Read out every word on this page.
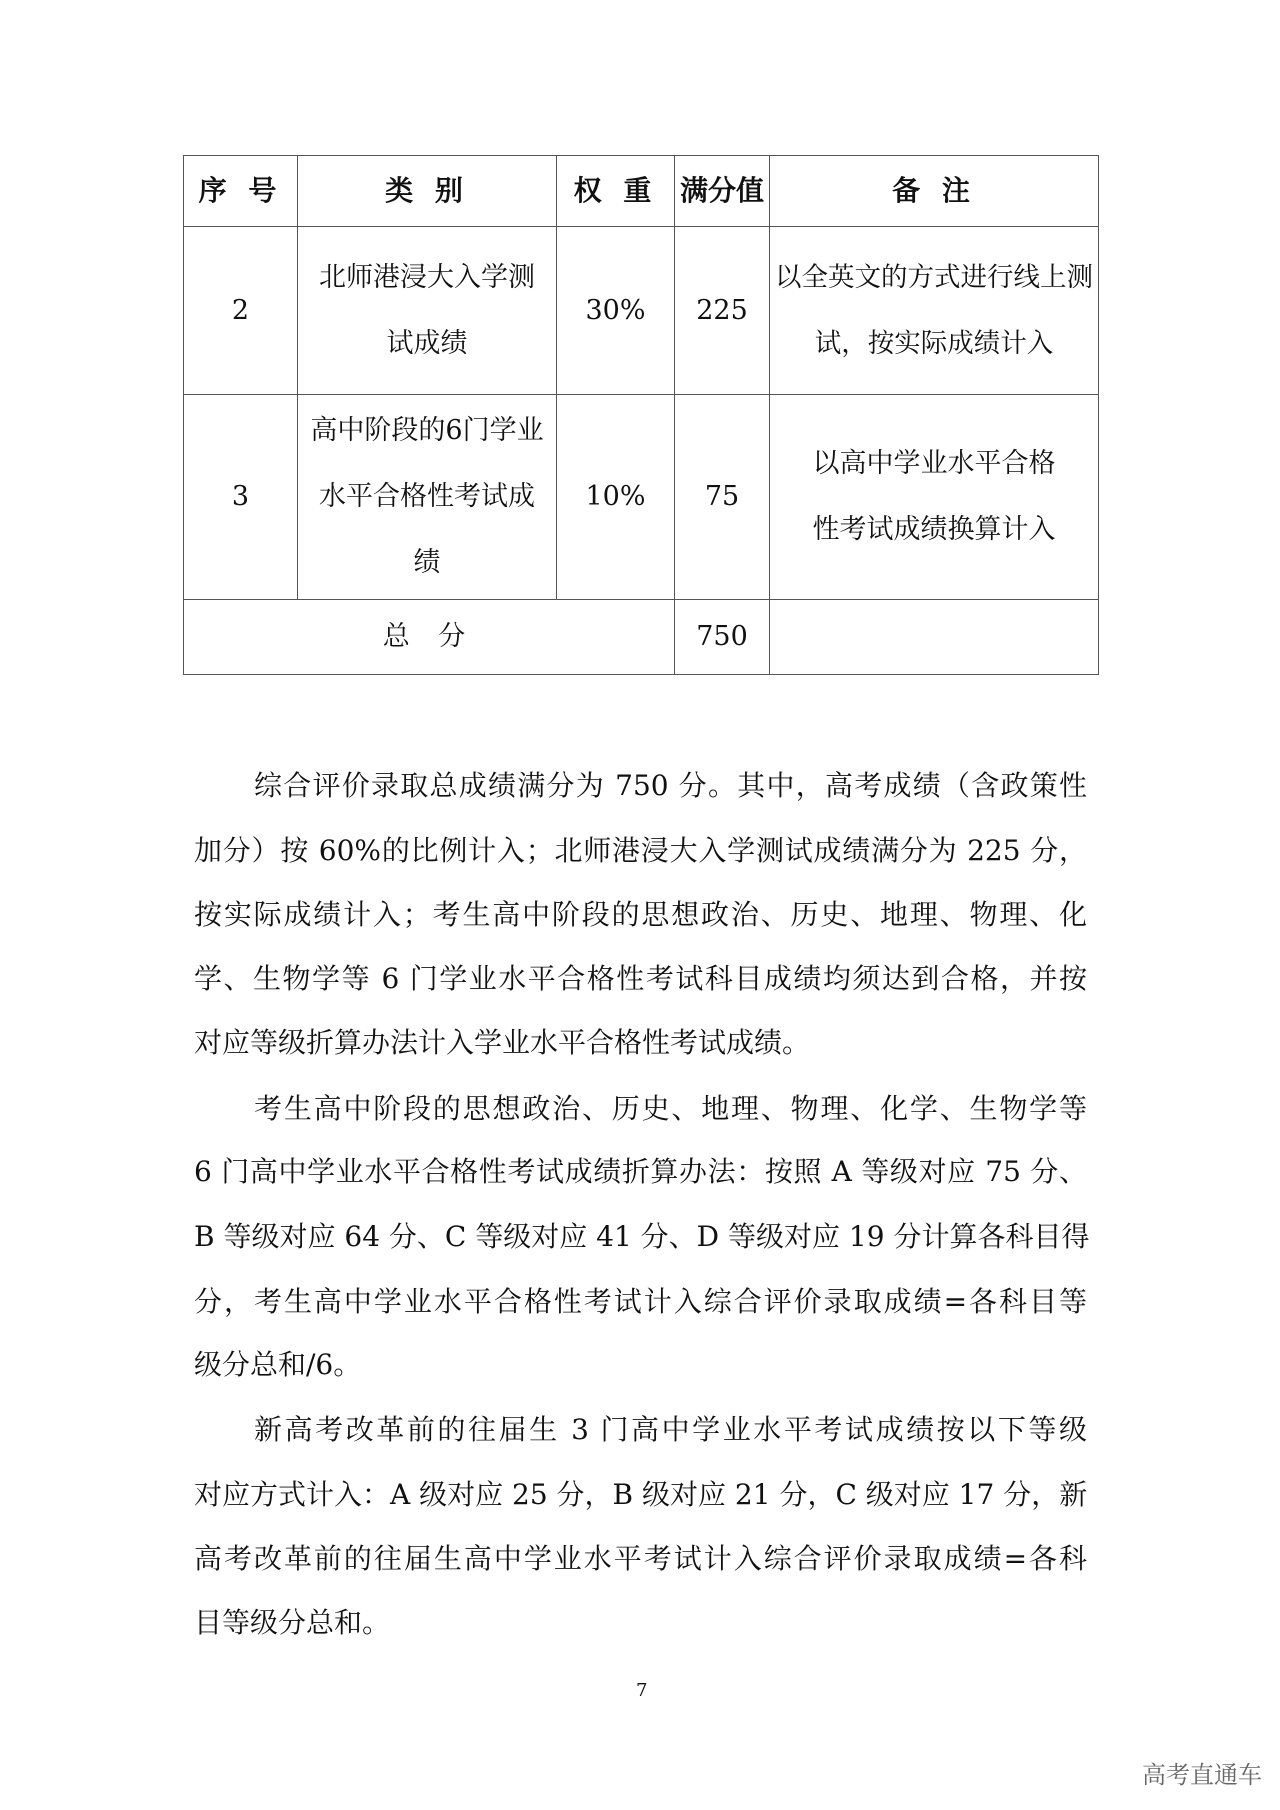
序 号	类 别	权 重	满分值	备 注
2	北师港浸大入学测试成绩	30%	225	以全英文的方式进行线上测试，按实际成绩计入
3	高中阶段的6门学业水平合格性考试成绩	10%	75	以高中学业水平合格性考试成绩换算计入
总 分			750	
综合评价录取总成绩满分为 750 分。其中，高考成绩（含政策性
加分）按 60%的比例计入；北师港浸大入学测试成绩满分为 225 分，
按实际成绩计入；考生高中阶段的思想政治、历史、地理、物理、化
学、生物学等 6 门学业水平合格性考试科目成绩均须达到合格，并按
对应等级折算办法计入学业水平合格性考试成绩。
考生高中阶段的思想政治、历史、地理、物理、化学、生物学等
6 门高中学业水平合格性考试成绩折算办法：按照 A 等级对应 75 分、
B 等级对应 64 分、C 等级对应 41 分、D 等级对应 19 分计算各科目得
分，考生高中学业水平合格性考试计入综合评价录取成绩=各科目等
级分总和/6。
新高考改革前的往届生 3 门高中学业水平考试成绩按以下等级
对应方式计入：A 级对应 25 分，B 级对应 21 分，C 级对应 17 分，新
高考改革前的往届生高中学业水平考试计入综合评价录取成绩=各科
目等级分总和。
7
高考直通车
